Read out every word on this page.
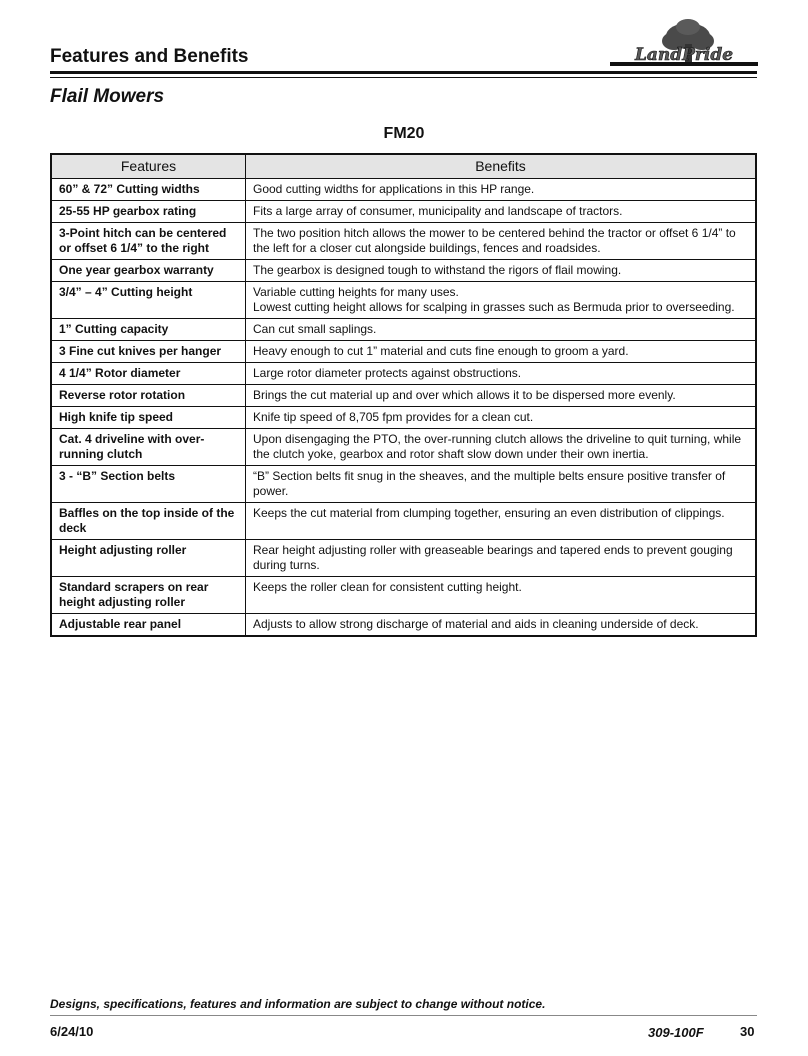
Features and Benefits	LandPride
Flail Mowers
FM20
Features	Benefits
60” & 72” Cutting widths	Good cutting widths for applications in this HP range.
25-55 HP gearbox rating	Fits a large array of consumer, municipality and landscape of tractors.
3-Point hitch can be centered or offset 6 1/4” to the right	The two position hitch allows the mower to be centered behind the tractor or offset 6 1/4” to the left for a closer cut alongside buildings, fences and roadsides.
One year gearbox warranty	The gearbox is designed tough to withstand the rigors of flail mowing.
3/4” – 4” Cutting height	Variable cutting heights for many uses.
Lowest cutting height allows for scalping in grasses such as Bermuda prior to overseeding.
1” Cutting capacity	Can cut small saplings.
3 Fine cut knives per hanger	Heavy enough to cut 1” material and cuts fine enough to groom a yard.
4 1/4” Rotor diameter	Large rotor diameter protects against obstructions.
Reverse rotor rotation	Brings the cut material up and over which allows it to be dispersed more evenly.
High knife tip speed	Knife tip speed of 8,705 fpm provides for a clean cut.
Cat. 4 driveline with over-running clutch	Upon disengaging the PTO, the over-running clutch allows the driveline to quit turning, while the clutch yoke, gearbox and rotor shaft slow down under their own inertia.
3 - “B” Section belts	“B” Section belts fit snug in the sheaves, and the multiple belts ensure positive transfer of power.
Baffles on the top inside of the deck	Keeps the cut material from clumping together, ensuring an even distribution of clippings.
Height adjusting roller	Rear height adjusting roller with greaseable bearings and tapered ends to prevent gouging during turns.
Standard scrapers on rear height adjusting roller	Keeps the roller clean for consistent cutting height.
Adjustable rear panel	Adjusts to allow strong discharge of material and aids in cleaning underside of deck.
Designs, specifications, features and information are subject to change without notice.
6/24/10	309-100F	30
